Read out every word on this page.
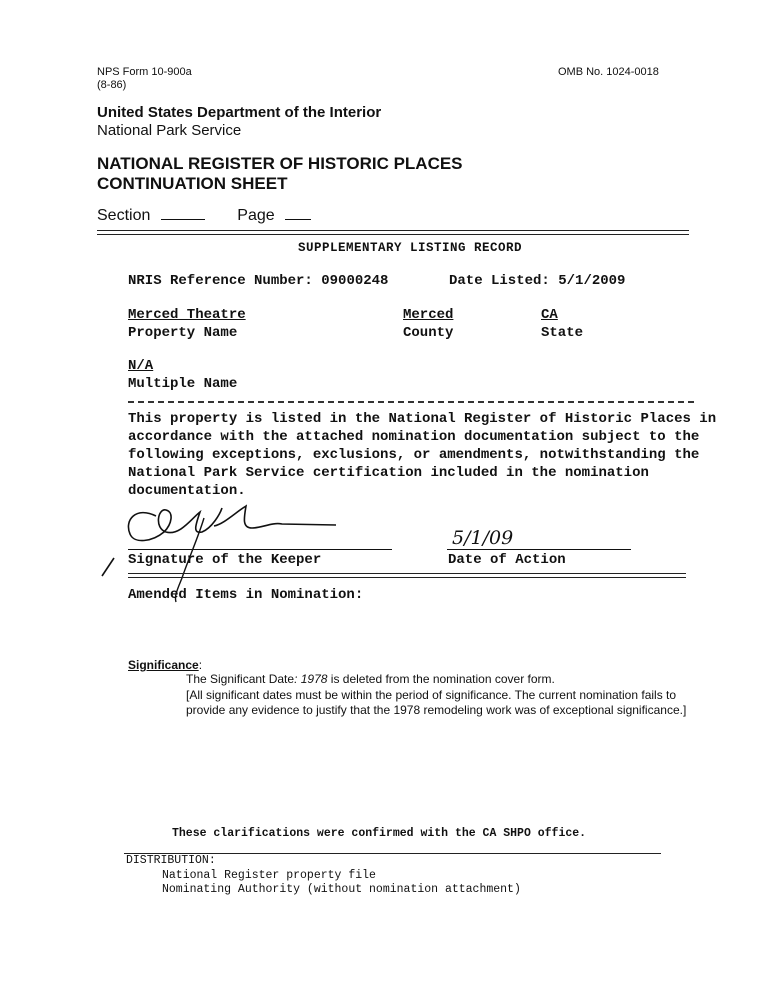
NPS Form 10-900a
(8-86)
OMB No. 1024-0018
United States Department of the Interior
National Park Service
NATIONAL REGISTER OF HISTORIC PLACES
CONTINUATION SHEET
Section	Page
SUPPLEMENTARY LISTING RECORD
NRIS Reference Number: 09000248	Date Listed: 5/1/2009
Merced Theatre
Property Name
Merced
County
CA
State
N/A
Multiple Name
This property is listed in the National Register of Historic Places in accordance with the attached nomination documentation subject to the following exceptions, exclusions, or amendments, notwithstanding the National Park Service certification included in the nomination documentation.
Signature of the Keeper
5/1/09
Date of Action
Amended Items in Nomination:
Significance:
The Significant Date: 1978 is deleted from the nomination cover form.
[All significant dates must be within the period of significance. The current nomination fails to
provide any evidence to justify that the 1978 remodeling work was of exceptional significance.]
These clarifications were confirmed with the CA SHPO office.
DISTRIBUTION:
National Register property file
Nominating Authority (without nomination attachment)
